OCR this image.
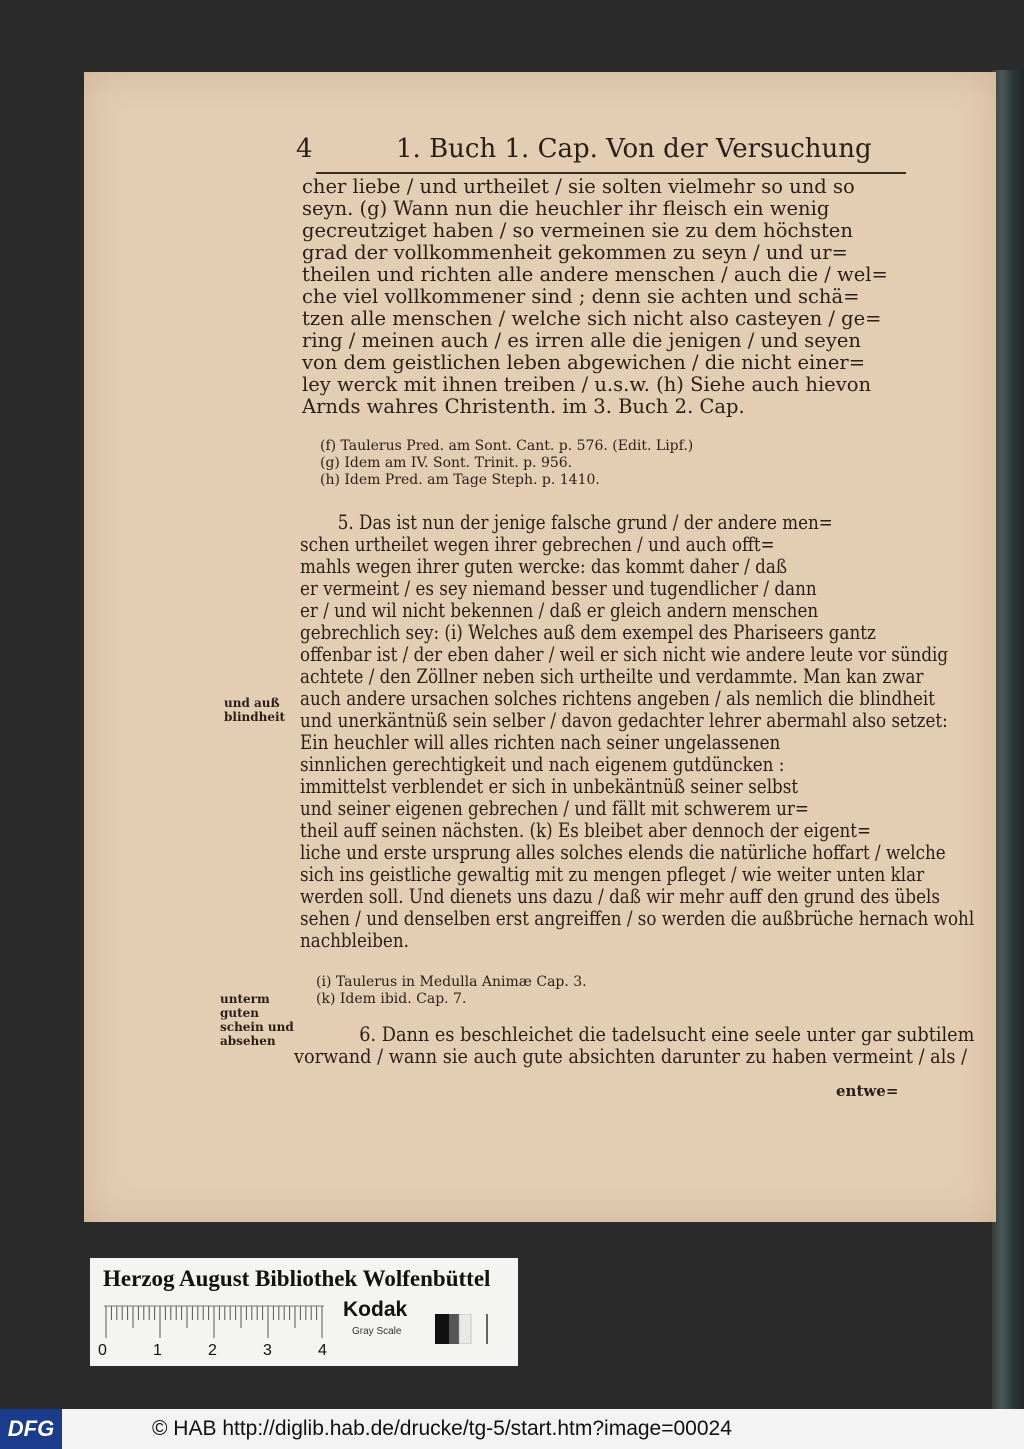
4	1. Buch 1. Cap. Von der Versuchung
cher liebe / und urtheilet / sie solten vielmehr so und so
seyn. (g) Wann nun die heuchler ihr fleisch ein wenig
gecreutziget haben / so vermeinen sie zu dem höchsten
grad der vollkommenheit gekommen zu seyn / und ur=
theilen und richten alle andere menschen / auch die / wel=
che viel vollkommener sind ; denn sie achten und schä=
tzen alle menschen / welche sich nicht also casteyen / ge=
ring / meinen auch / es irren alle die jenigen / und seyen
von dem geistlichen leben abgewichen / die nicht einer=
ley werck mit ihnen treiben / u.s.w. (h) Siehe auch hievon
Arnds wahres Christenth. im 3. Buch 2. Cap.
(f) Taulerus Pred. am Sont. Cant. p. 576. (Edit. Lipf.)
(g) Idem am IV. Sont. Trinit. p. 956.
(h) Idem Pred. am Tage Steph. p. 1410.
5. Das ist nun der jenige falsche grund / der andere men=
schen urtheilet wegen ihrer gebrechen / und auch offt=
mahls wegen ihrer guten wercke: das kommt daher / daß
er vermeint / es sey niemand besser und tugendlicher / dann
er / und wil nicht bekennen / daß er gleich andern menschen
gebrechlich sey: (i) Welches auß dem exempel des Phariseers gantz
offenbar ist / der eben daher / weil er sich nicht wie andere leute vor sündig
achtete / den Zöllner neben sich urtheilte und verdammte. Man kan zwar
auch andere ursachen solches richtens angeben / als nemlich die blindheit
und unerkäntnüß sein selber / davon gedachter lehrer abermahl also setzet:
Ein heuchler will alles richten nach seiner ungelassenen
sinnlichen gerechtigkeit und nach eigenem gutdüncken :
immittelst verblendet er sich in unbekäntnüß seiner selbst
und seiner eigenen gebrechen / und fällt mit schwerem ur=
theil auff seinen nächsten. (k) Es bleibet aber dennoch der eigent=
liche und erste ursprung alles solches elends die natürliche hoffart / welche
sich ins geistliche gewaltig mit zu mengen pfleget / wie weiter unten klar
werden soll. Und dienets uns dazu / daß wir mehr auff den grund des übels
sehen / und denselben erst angreiffen / so werden die außbrüche hernach wohl
nachbleiben.
und auß
blindheit
(i) Taulerus in Medulla Animæ Cap. 3.
(k) Idem ibid. Cap. 7.
unterm
guten
schein und
absehen	6. Dann es beschleichet die tadelsucht eine seele unter gar subtilem
vorwand / wann sie auch gute absichten darunter zu haben vermeint / als /
entwe=
Herzog August Bibliothek Wolfenbüttel
0	1	2	3	4
Kodak
Gray Scale
DFG	© HAB http://diglib.hab.de/drucke/tg-5/start.htm?image=00024
